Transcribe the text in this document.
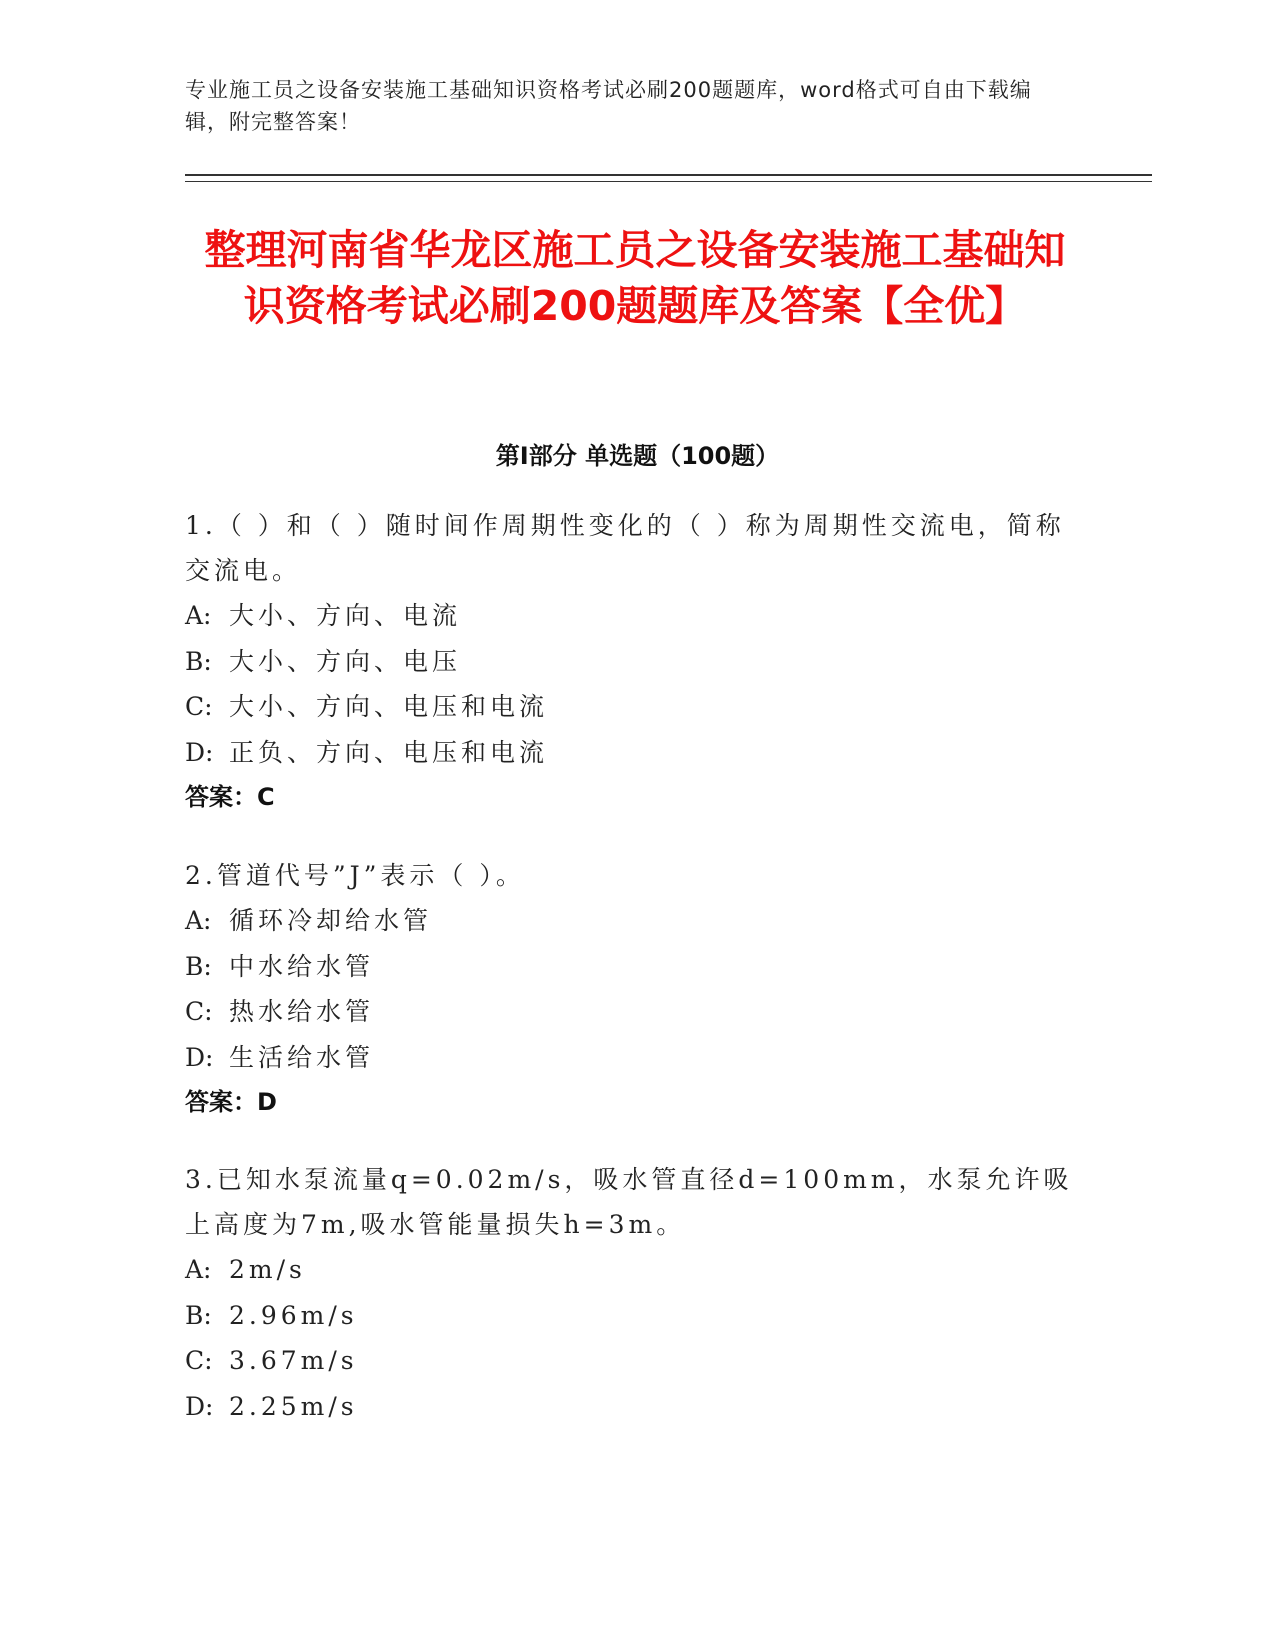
专业施工员之设备安装施工基础知识资格考试必刷200题题库，word格式可自由下载编辑，附完整答案！
整理河南省华龙区施工员之设备安装施工基础知识资格考试必刷200题题库及答案【全优】
第Ⅰ部分 单选题（100题）

1.（ ）和（ ）随时间作周期性变化的（ ）称为周期性交流电，简称交流电。

A: 大小、方向、电流

B: 大小、方向、电压

C: 大小、方向、电压和电流

D: 正负、方向、电压和电流

答案：C

2.管道代号”J”表示（ ）。

A: 循环冷却给水管

B: 中水给水管

C: 热水给水管

D: 生活给水管

答案：D

3.已知水泵流量q=0.02m/s，吸水管直径d=100mm，水泵允许吸上高度为7m,吸水管能量损失h=3m。

A: 2m/s

B: 2.96m/s

C: 3.67m/s

D: 2.25m/s
